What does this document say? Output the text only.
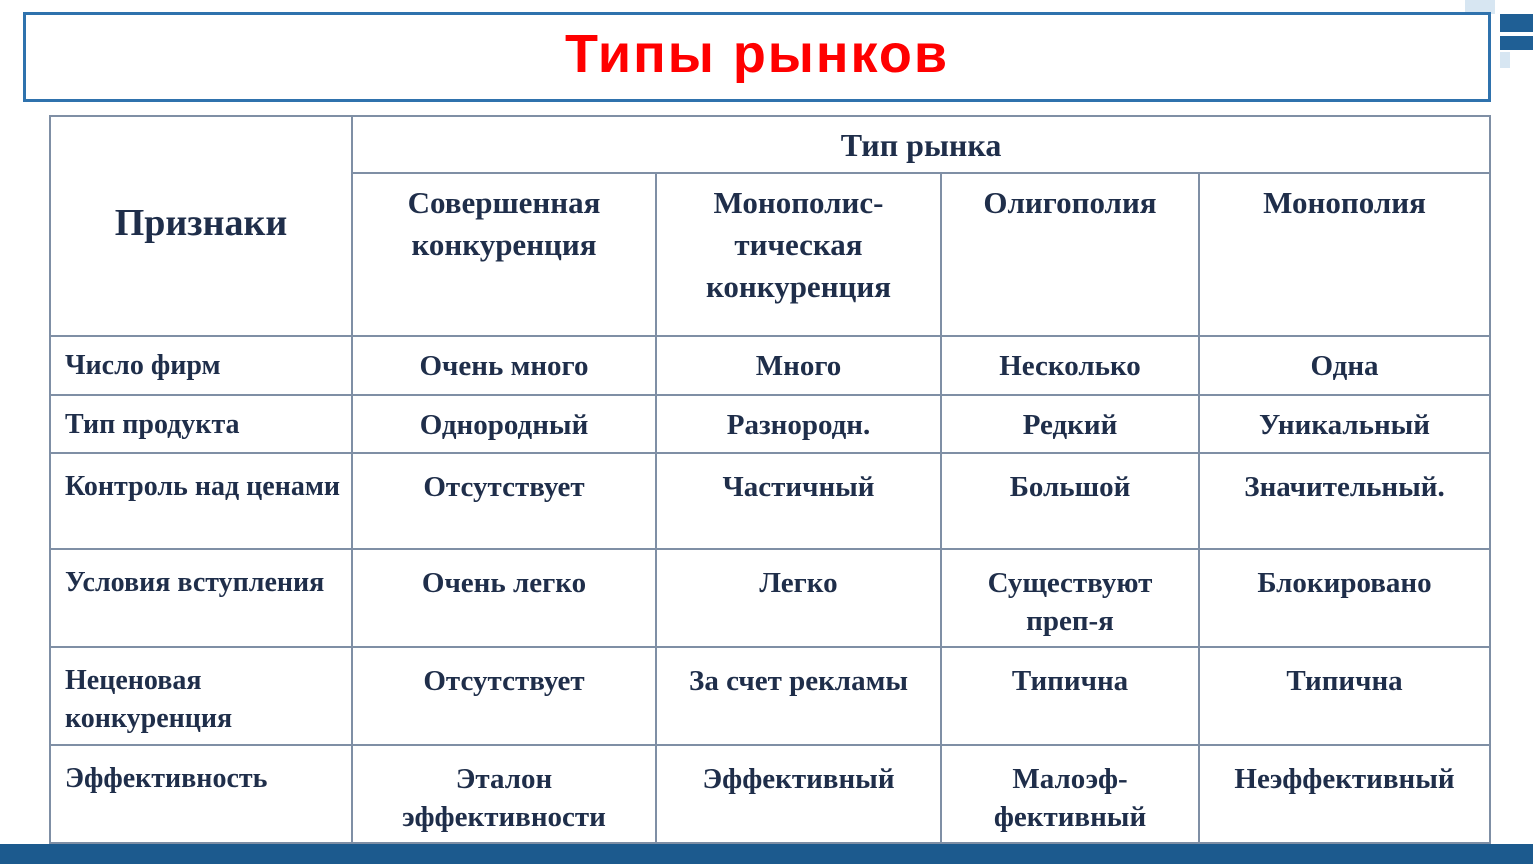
Типы рынков
Признаки	Тип рынка			
	Совершенная конкуренция	Монополис-тическая конкуренция	Олигополия	Монополия
Число фирм	Очень много	Много	Несколько	Одна
Тип продукта	Однородный	Разнородн.	Редкий	Уникальный
Контроль над ценами	Отсутствует	Частичный	Большой	Значительный.
Условия вступления	Очень легко	Легко	Существуют преп-я	Блокировано
Неценовая конкуренция	Отсутствует	За счет рекламы	Типична	Типична
Эффективность	Эталон эффективности	Эффективный	Малоэф-фективный	Неэффективный
